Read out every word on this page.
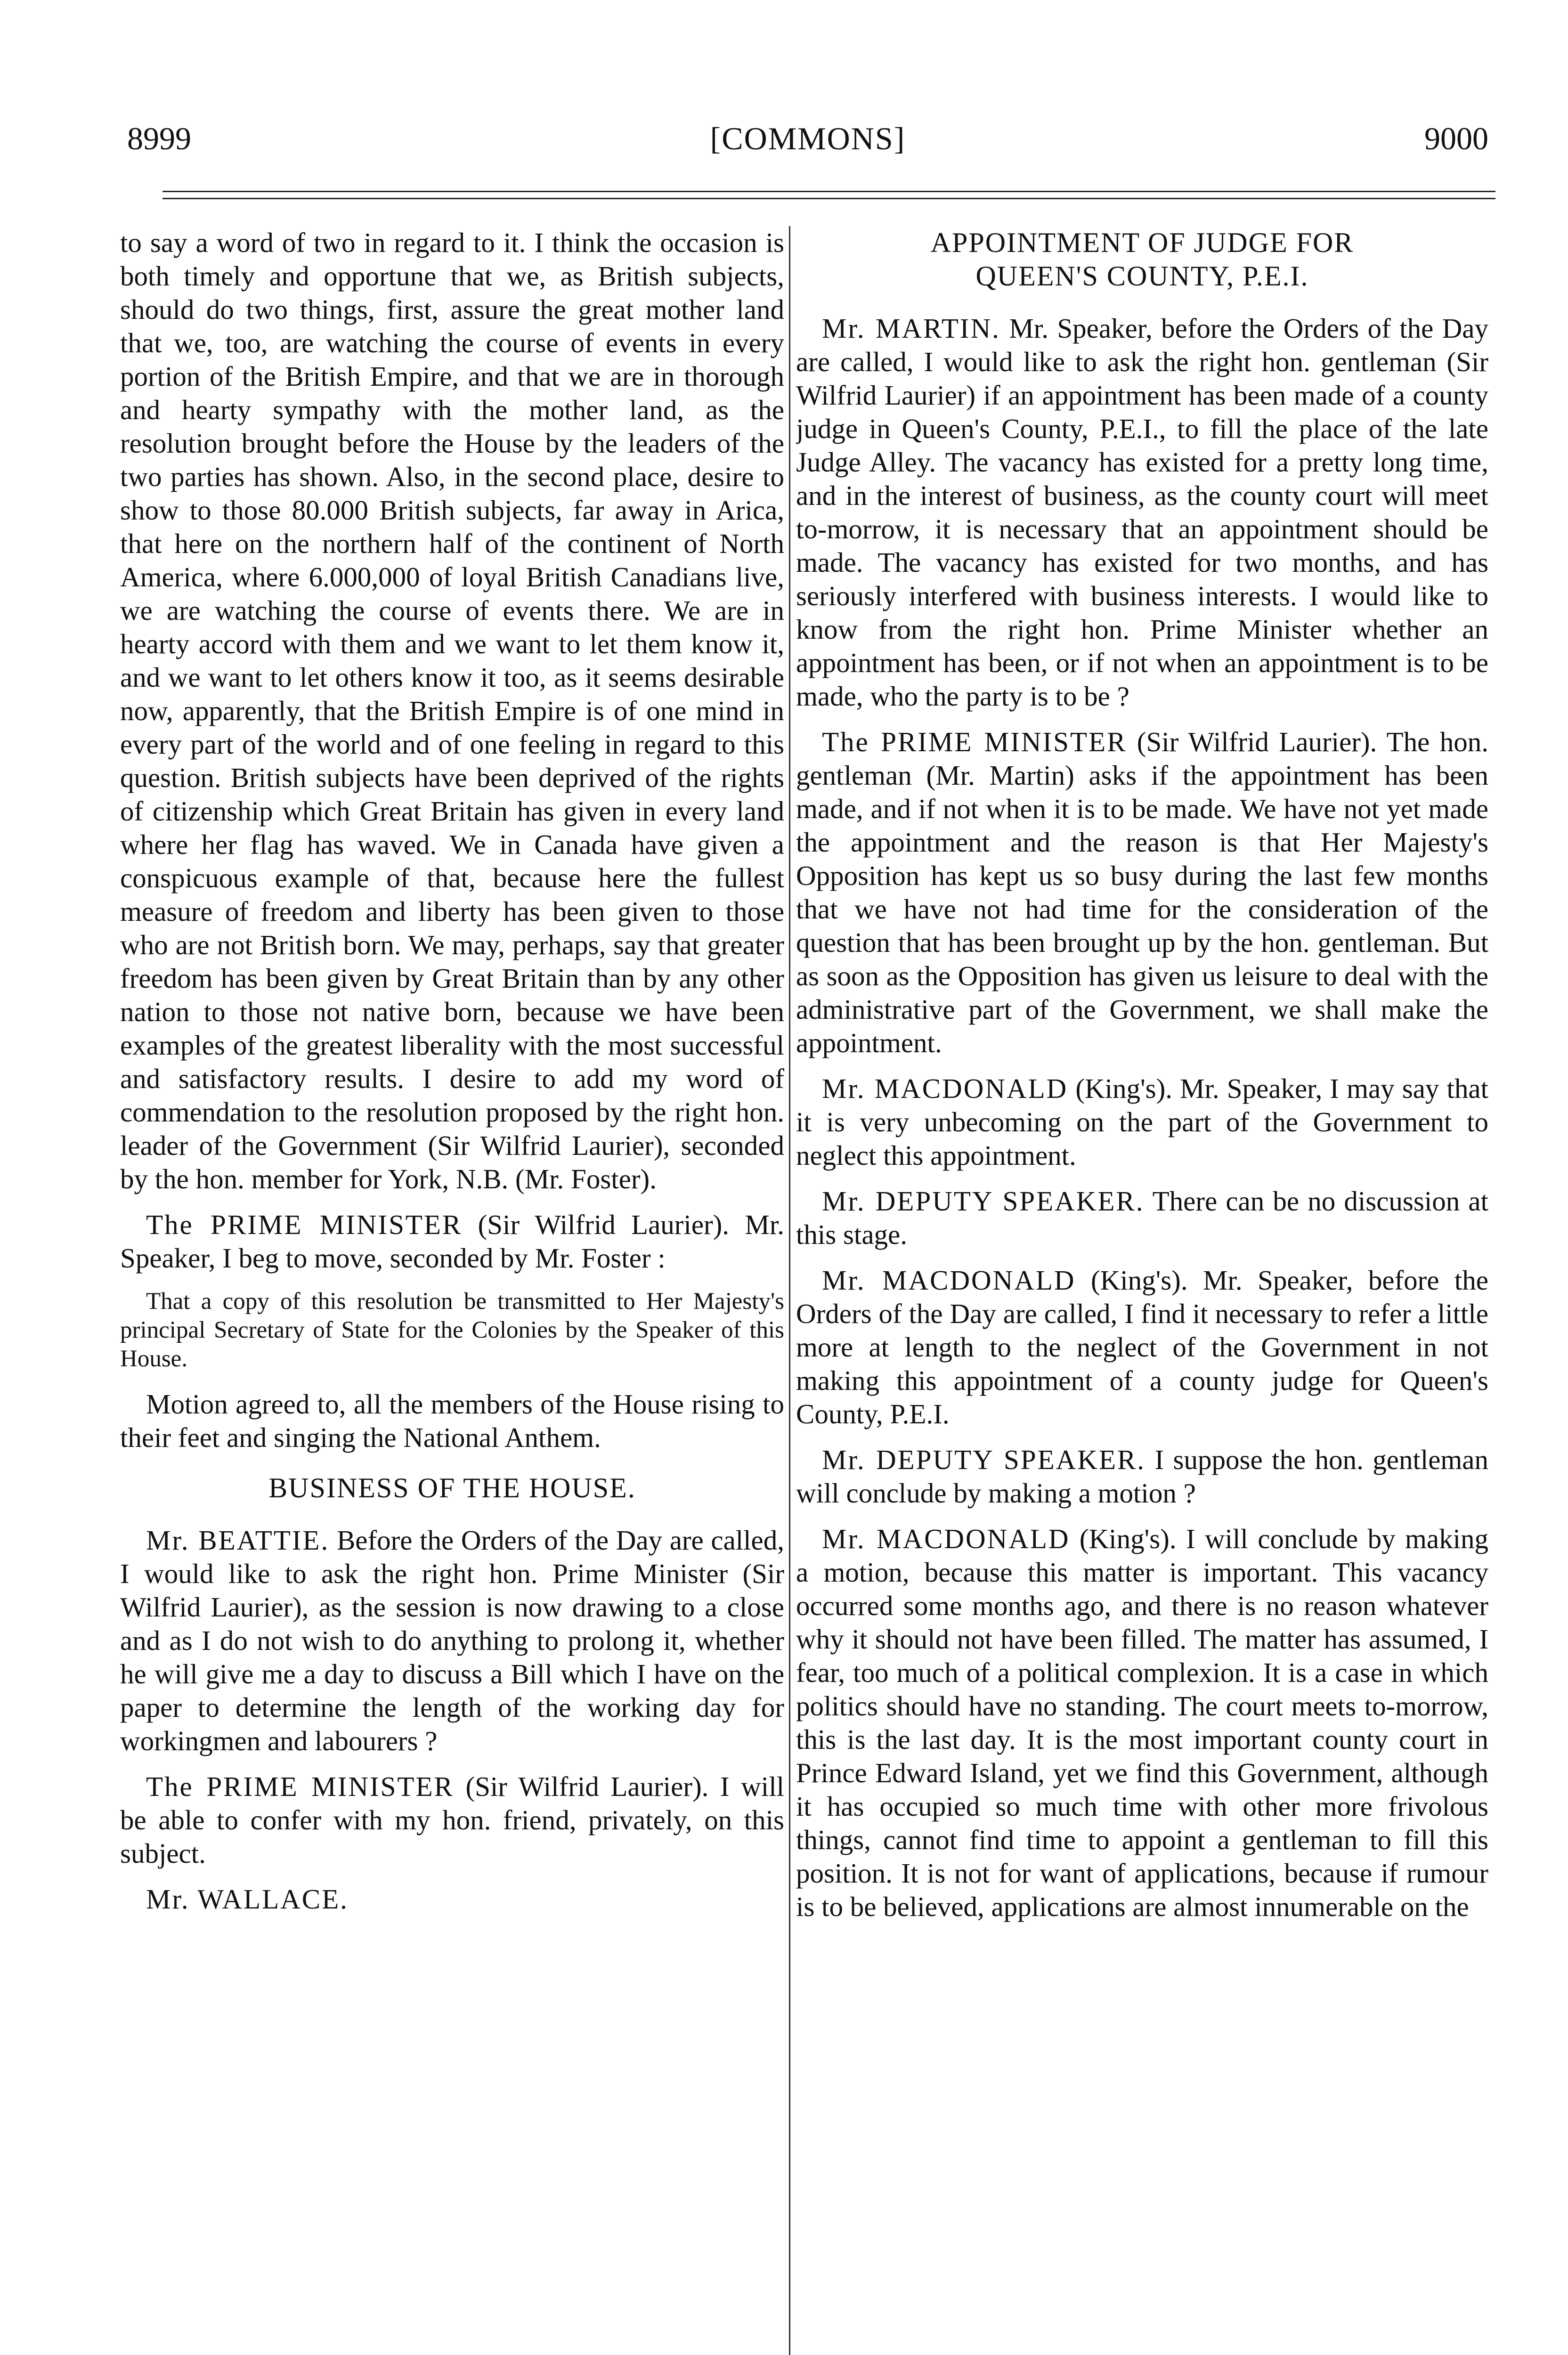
8999	[COMMONS]	9000

to say a word of two in regard to it. I think the occasion is both timely and opportune that we, as British subjects, should do two things, first, assure the great mother land that we, too, are watching the course of events in every portion of the British Empire, and that we are in thorough and hearty sympathy with the mother land, as the resolution brought before the House by the leaders of the two parties has shown. Also, in the second place, desire to show to those 80.000 British subjects, far away in Arica, that here on the northern half of the continent of North America, where 6.000,000 of loyal British Canadians live, we are watching the course of events there. We are in hearty accord with them and we want to let them know it, and we want to let others know it too, as it seems desirable now, apparently, that the British Empire is of one mind in every part of the world and of one feeling in regard to this question. British subjects have been deprived of the rights of citizenship which Great Britain has given in every land where her flag has waved. We in Canada have given a conspicuous example of that, because here the fullest measure of freedom and liberty has been given to those who are not British born. We may, perhaps, say that greater freedom has been given by Great Britain than by any other nation to those not native born, because we have been examples of the greatest liberality with the most successful and satisfactory results. I desire to add my word of commendation to the resolution proposed by the right hon. leader of the Government (Sir Wilfrid Laurier), seconded by the hon. member for York, N.B. (Mr. Foster).

The PRIME MINISTER (Sir Wilfrid Laurier). Mr. Speaker, I beg to move, seconded by Mr. Foster :

That a copy of this resolution be transmitted to Her Majesty's principal Secretary of State for the Colonies by the Speaker of this House.

Motion agreed to, all the members of the House rising to their feet and singing the National Anthem.

BUSINESS OF THE HOUSE.

Mr. BEATTIE. Before the Orders of the Day are called, I would like to ask the right hon. Prime Minister (Sir Wilfrid Laurier), as the session is now drawing to a close and as I do not wish to do anything to prolong it, whether he will give me a day to discuss a Bill which I have on the paper to determine the length of the working day for workingmen and labourers ?

The PRIME MINISTER (Sir Wilfrid Laurier). I will be able to confer with my hon. friend, privately, on this subject.

Mr. WALLACE.

APPOINTMENT OF JUDGE FOR
QUEEN'S COUNTY, P.E.I.

Mr. MARTIN. Mr. Speaker, before the Orders of the Day are called, I would like to ask the right hon. gentleman (Sir Wilfrid Laurier) if an appointment has been made of a county judge in Queen's County, P.E.I., to fill the place of the late Judge Alley. The vacancy has existed for a pretty long time, and in the interest of business, as the county court will meet to-morrow, it is necessary that an appointment should be made. The vacancy has existed for two months, and has seriously interfered with business interests. I would like to know from the right hon. Prime Minister whether an appointment has been, or if not when an appointment is to be made, who the party is to be ?

The PRIME MINISTER (Sir Wilfrid Laurier). The hon. gentleman (Mr. Martin) asks if the appointment has been made, and if not when it is to be made. We have not yet made the appointment and the reason is that Her Majesty's Opposition has kept us so busy during the last few months that we have not had time for the consideration of the question that has been brought up by the hon. gentleman. But as soon as the Opposition has given us leisure to deal with the administrative part of the Government, we shall make the appointment.

Mr. MACDONALD (King's). Mr. Speaker, I may say that it is very unbecoming on the part of the Government to neglect this appointment.

Mr. DEPUTY SPEAKER. There can be no discussion at this stage.

Mr. MACDONALD (King's). Mr. Speaker, before the Orders of the Day are called, I find it necessary to refer a little more at length to the neglect of the Government in not making this appointment of a county judge for Queen's County, P.E.I.

Mr. DEPUTY SPEAKER. I suppose the hon. gentleman will conclude by making a motion ?

Mr. MACDONALD (King's). I will conclude by making a motion, because this matter is important. This vacancy occurred some months ago, and there is no reason whatever why it should not have been filled. The matter has assumed, I fear, too much of a political complexion. It is a case in which politics should have no standing. The court meets to-morrow, this is the last day. It is the most important county court in Prince Edward Island, yet we find this Government, although it has occupied so much time with other more frivolous things, cannot find time to appoint a gentleman to fill this position. It is not for want of applications, because if rumour is to be believed, applications are almost innumerable on the
